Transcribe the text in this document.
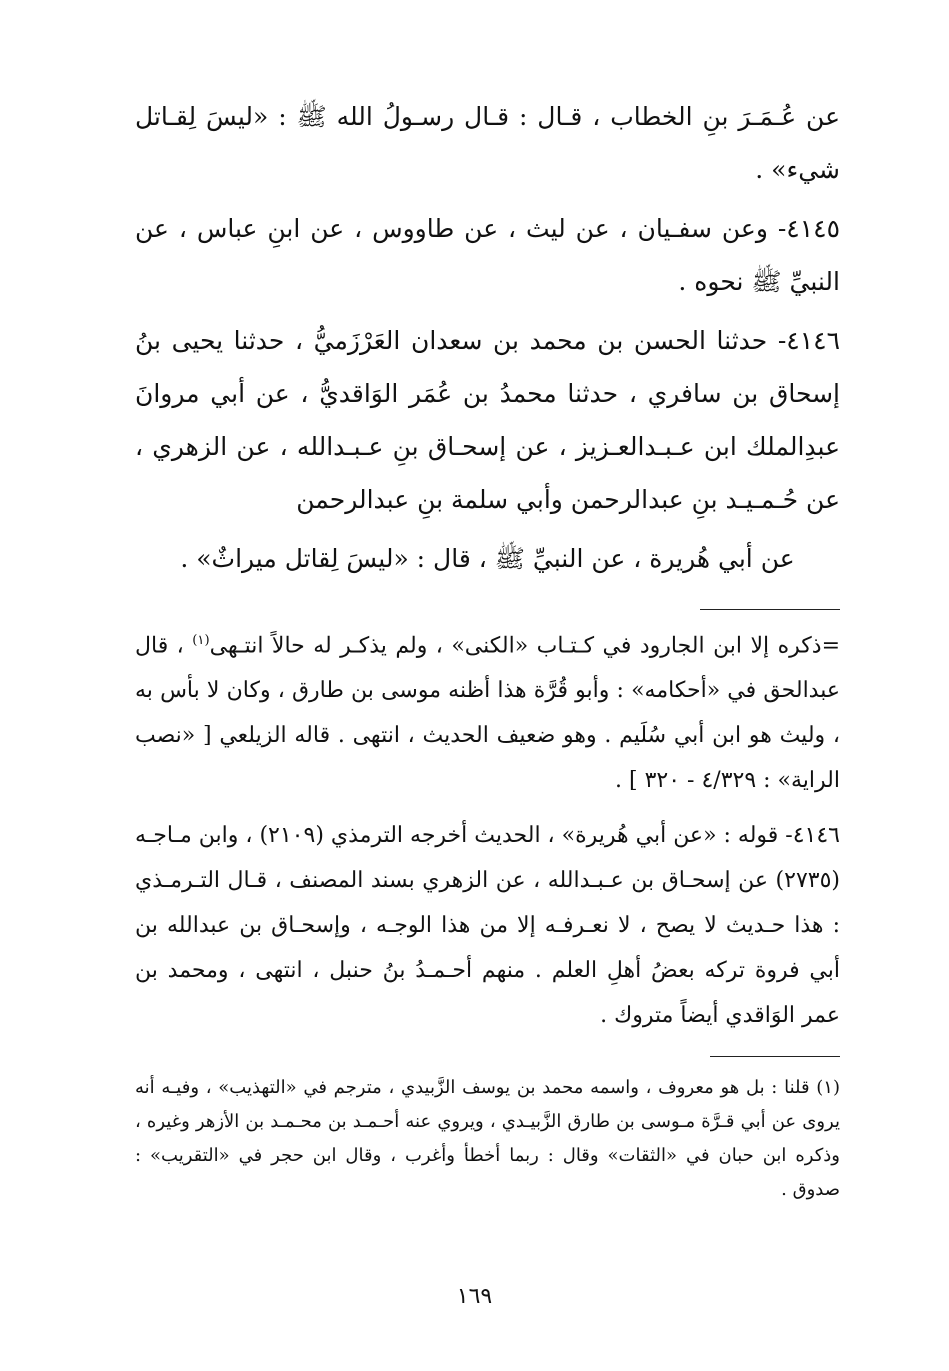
عن عُـمَـرَ بنِ الخطاب ، قـال : قـال رسـولُ الله ﷺ : «ليسَ لِقـاتل شيء» .

٤١٤٥- وعن سفـيان ، عن ليث ، عن طاووس ، عن ابنِ عباس ، عن النبيِّ ﷺ نحوه .

٤١٤٦- حدثنا الحسن بن محمد بن سعدان العَرْزَميُّ ، حدثنا يحيى بنُ إسحاق بن سافري ، حدثنا محمدُ بن عُمَر الوَاقديُّ ، عن أبي مروانَ عبدِالملك ابن عـبـدالعـزيز ، عن إسحـاق بنِ عـبـدالله ، عن الزهري ، عن حُـمـيـد بنِ عبدالرحمن وأبي سلمة بنِ عبدالرحمن

عن أبي هُريرة ، عن النبيِّ ﷺ ، قال : «ليسَ لِقاتل ميراثٌ» .

=ذكره إلا ابن الجارود في كـتـاب «الكنى» ، ولم يذكـر له حالاً انتـهى$^{(١)}$ ، قال عبدالحق في «أحكامه» : وأبو قُرَّة هذا أظنه موسى بن طارق ، وكان لا بأس به ، وليث هو ابن أبي سُلَيم . وهو ضعيف الحديث ، انتهى . قاله الزيلعي [ «نصب الراية» : ٤/٣٢٩ - ٣٢٠ ] .

٤١٤٦- قوله : «عن أبي هُريرة» ، الحديث أخرجه الترمذي (٢١٠٩) ، وابن مـاجـه (٢٧٣٥) عن إسحـاق بن عـبـدالله ، عن الزهري بسند المصنف ، قـال التـرمـذي : هذا حـديث لا يصح ، لا نعـرفـه إلا من هذا الوجـه ، وإسحـاق بن عبدالله بن أبي فروة تركه بعضُ أهلِ العلم . منهم أحـمـدُ بنُ حنبل ، انتهى ، ومحمد بن عمر الوَاقدي أيضاً متروك .

(١) قلنا : بل هو معروف ، واسمه محمد بن يوسف الزَّبيدي ، مترجم في «التهذيب» ، وفيـه أنه يروى عن أبي قـرَّة مـوسى بن طارق الزَّبيـدي ، ويروي عنه أحـمـد بن محـمـد بن الأزهر وغيره ، وذكره ابن حبان في «الثقات» وقال : ربما أخطأ وأغرب ، وقال ابن حجر في «التقريب» : صدوق .

١٦٩
